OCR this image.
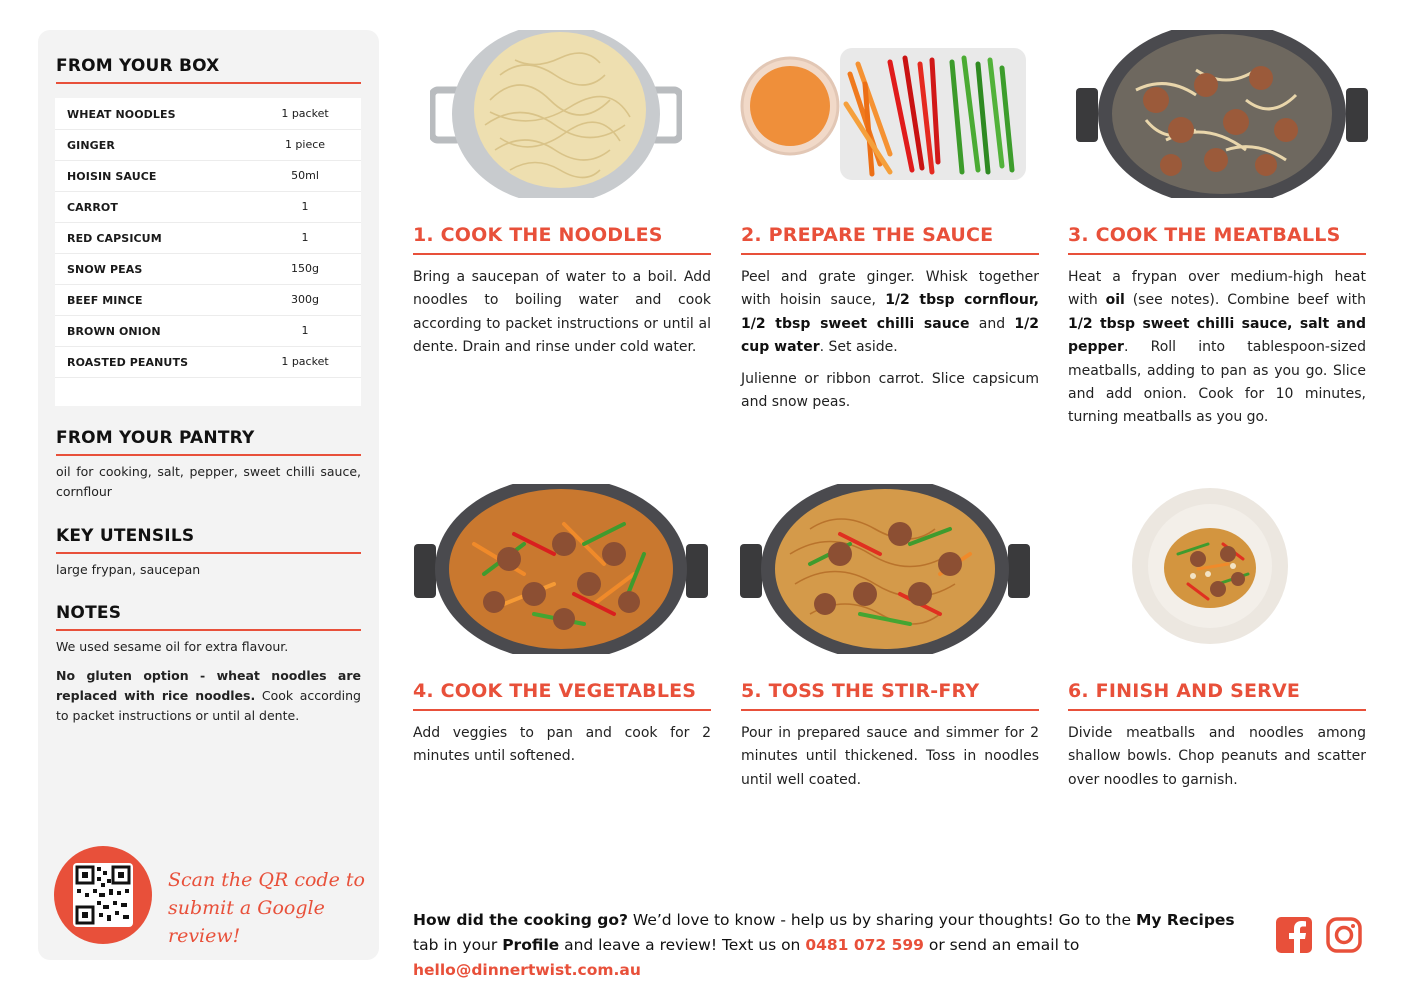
FROM YOUR BOX
WHEAT NOODLES	1 packet
GINGER	1 piece
HOISIN SAUCE	50ml
CARROT	1
RED CAPSICUM	1
SNOW PEAS	150g
BEEF MINCE	300g
BROWN ONION	1
ROASTED PEANUTS	1 packet
FROM YOUR PANTRY
oil for cooking, salt, pepper, sweet chilli sauce, cornflour
KEY UTENSILS
large frypan, saucepan
NOTES
We used sesame oil for extra flavour.
No gluten option - wheat noodles are replaced with rice noodles. Cook according to packet instructions or until al dente.
Scan the QR code to
submit a Google review!
1. COOK THE NOODLES
Bring a saucepan of water to a boil. Add noodles to boiling water and cook according to packet instructions or until al dente. Drain and rinse under cold water.
2. PREPARE THE SAUCE
Peel and grate ginger. Whisk together with hoisin sauce, 1/2 tbsp cornflour, 1/2 tbsp sweet chilli sauce and 1/2 cup water. Set aside.
Julienne or ribbon carrot. Slice capsicum and snow peas.
3. COOK THE MEATBALLS
Heat a frypan over medium-high heat with oil (see notes). Combine beef with 1/2 tbsp sweet chilli sauce, salt and pepper. Roll into tablespoon-sized meatballs, adding to pan as you go. Slice and add onion. Cook for 10 minutes, turning meatballs as you go.
4. COOK THE VEGETABLES
Add veggies to pan and cook for 2 minutes until softened.
5. TOSS THE STIR-FRY
Pour in prepared sauce and simmer for 2 minutes until thickened. Toss in noodles until well coated.
6. FINISH AND SERVE
Divide meatballs and noodles among shallow bowls. Chop peanuts and scatter over noodles to garnish.
How did the cooking go? We’d love to know - help us by sharing your thoughts! Go to the My Recipes tab in your Profile and leave a review! Text us on 0481 072 599 or send an email to hello@dinnertwist.com.au
